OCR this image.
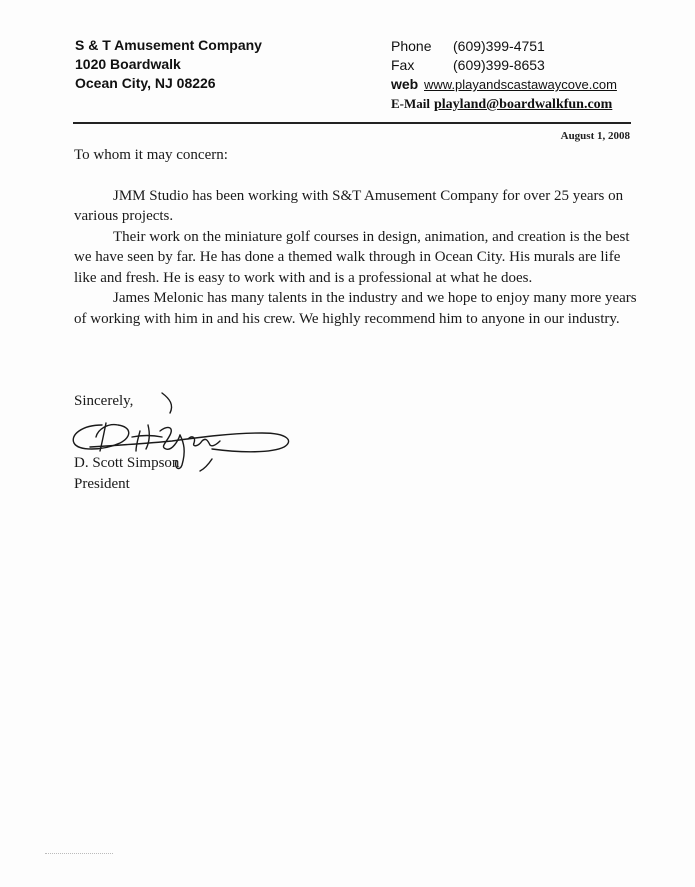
S & T Amusement Company
1020 Boardwalk
Ocean City, NJ 08226
Phone (609)399-4751
Fax	(609)399-8653
web www.playandscastawaycove.com
E-Mail playland@boardwalkfun.com
August 1, 2008

To whom it may concern:

JMM Studio has been working with S&T Amusement Company for over 25 years on various projects.

Their work on the miniature golf courses in design, animation, and creation is the best we have seen by far. He has done a themed walk through in Ocean City. His murals are life like and fresh. He is easy to work with and is a professional at what he does.

James Melonic has many talents in the industry and we hope to enjoy many more years of working with him in and his crew. We highly recommend him to anyone in our industry.

Sincerely,
D. Scott Simpson
President
